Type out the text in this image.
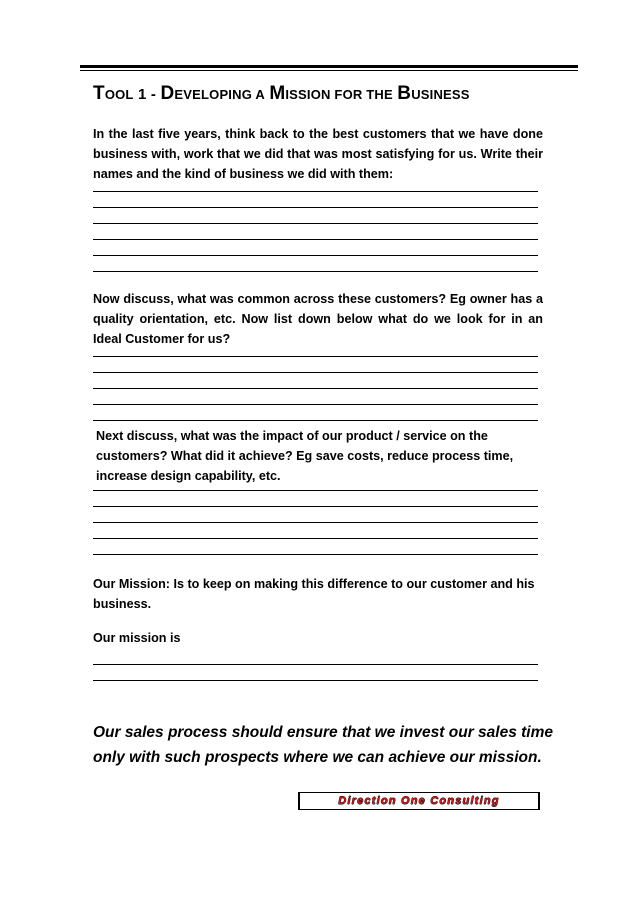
TOOL 1 - DEVELOPING A MISSION FOR THE BUSINESS
In the last five years, think back to the best customers that we have done business with, work that we did that was most satisfying for us. Write their names and the kind of business we did with them:
Now discuss, what was common across these customers? Eg owner has a quality orientation, etc. Now list down below what do we look for in an Ideal Customer for us?
Next discuss, what was the impact of our product / service on the customers? What did it achieve? Eg save costs, reduce process time, increase design capability, etc.
Our Mission: Is to keep on making this difference to our customer and his business.
Our mission is
Our sales process should ensure that we invest our sales time only with such prospects where we can achieve our mission.
Direction One Consulting
